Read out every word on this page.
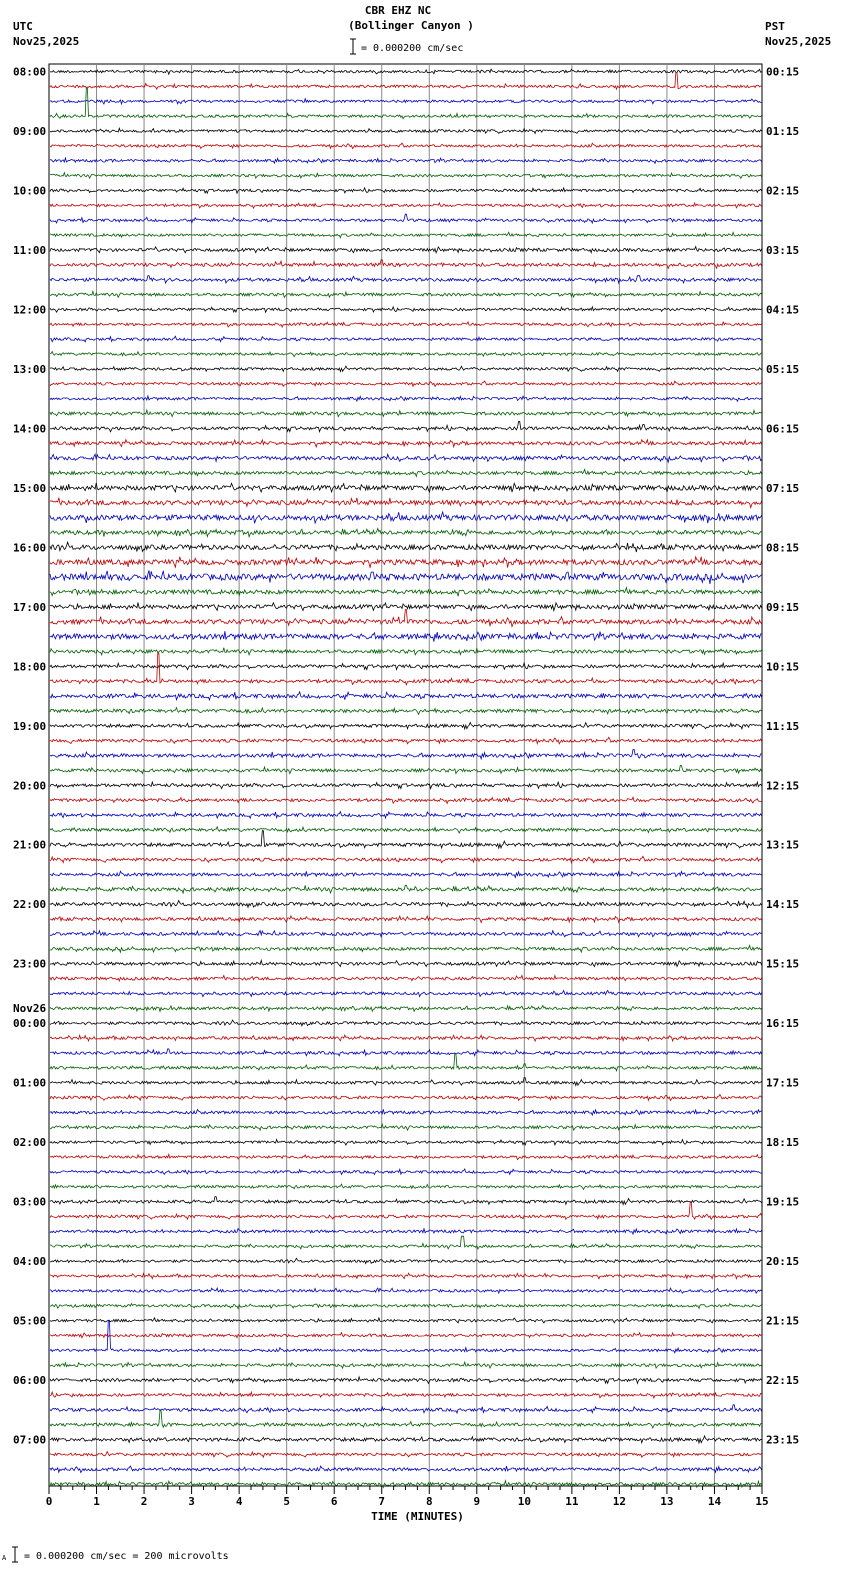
CBR EHZ NC
(Bollinger Canyon )
= 0.000200 cm/sec
UTC
Nov25,2025
PST
Nov25,2025
0	1	2	3	4	5	6	7	8	9	10	11	12	13	14	15
TIME (MINUTES)
08:00
09:00
10:00
11:00
12:00
13:00
14:00
15:00
16:00
17:00
18:00
19:00
20:00
21:00
22:00
23:00
Nov26
00:00
01:00
02:00
03:00
04:00
05:00
06:00
07:00
00:15
01:15
02:15
03:15
04:15
05:15
06:15
07:15
08:15
09:15
10:15
11:15
12:15
13:15
14:15
15:15
16:15
17:15
18:15
19:15
20:15
21:15
22:15
23:15
A = 0.000200 cm/sec = 200 microvolts
